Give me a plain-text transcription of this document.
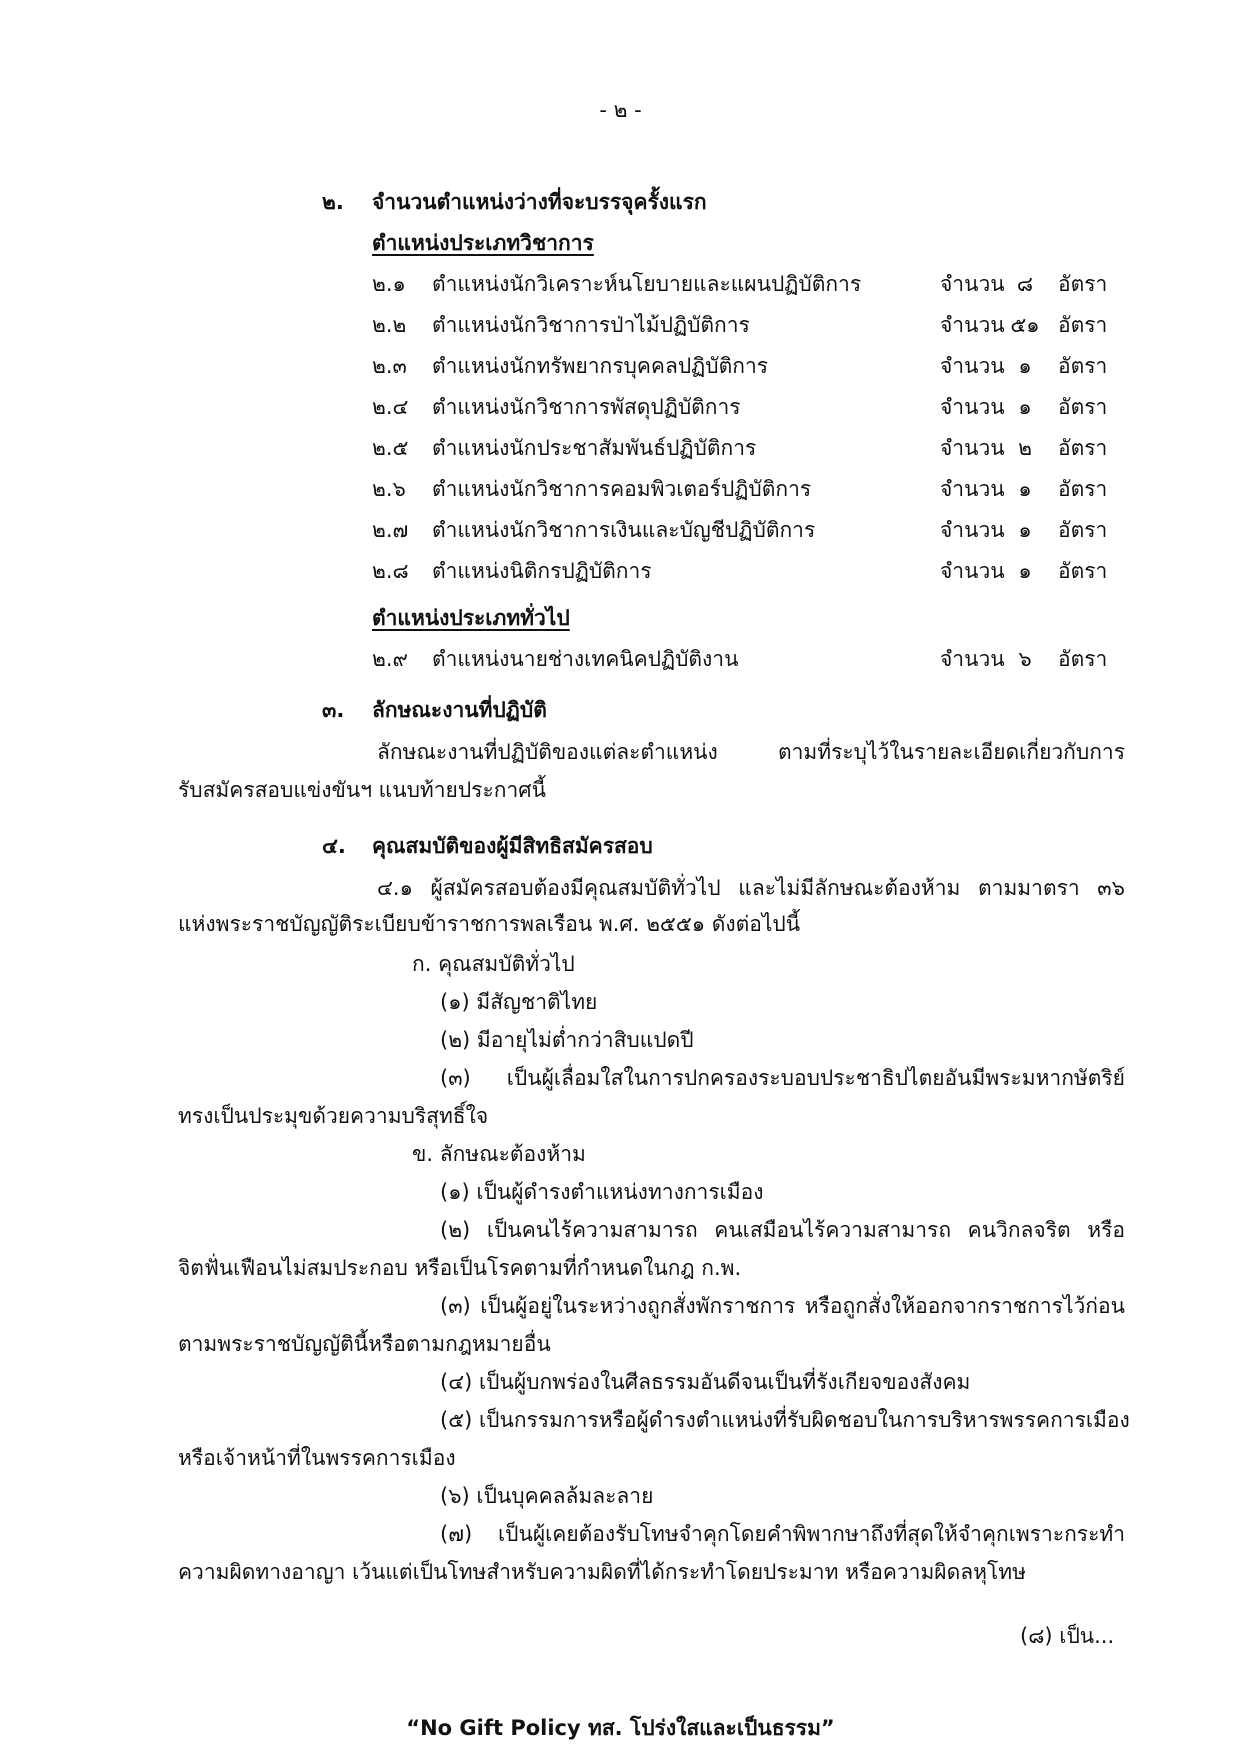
- ๒ -
๒. จำนวนตำแหน่งว่างที่จะบรรจุครั้งแรก
ตำแหน่งประเภทวิชาการ
๒.๑ ตำแหน่งนักวิเคราะห์นโยบายและแผนปฏิบัติการ	จำนวน ๘	อัตรา
๒.๒ ตำแหน่งนักวิชาการป่าไม้ปฏิบัติการ	จำนวน ๕๑ อัตรา
๒.๓ ตำแหน่งนักทรัพยากรบุคคลปฏิบัติการ	จำนวน ๑	อัตรา
๒.๔ ตำแหน่งนักวิชาการพัสดุปฏิบัติการ	จำนวน ๑	อัตรา
๒.๕ ตำแหน่งนักประชาสัมพันธ์ปฏิบัติการ	จำนวน ๒	อัตรา
๒.๖ ตำแหน่งนักวิชาการคอมพิวเตอร์ปฏิบัติการ	จำนวน ๑	อัตรา
๒.๗ ตำแหน่งนักวิชาการเงินและบัญชีปฏิบัติการ	จำนวน ๑	อัตรา
๒.๘ ตำแหน่งนิติกรปฏิบัติการ	จำนวน ๑	อัตรา
๒.๙ ตำแหน่งนายช่างเทคนิคปฏิบัติงาน	จำนวน ๖	อัตรา
ตำแหน่งประเภททั่วไป
๓. ลักษณะงานที่ปฏิบัติ
ลักษณะงานที่ปฏิบัติของแต่ละตำแหน่ง ตามที่ระบุไว้ในรายละเอียดเกี่ยวกับการ
รับสมัครสอบแข่งขันฯ แนบท้ายประกาศนี้
๔. คุณสมบัติของผู้มีสิทธิสมัครสอบ
๔.๑ ผู้สมัครสอบต้องมีคุณสมบัติทั่วไป และไม่มีลักษณะต้องห้าม ตามมาตรา ๓๖
แห่งพระราชบัญญัติระเบียบข้าราชการพลเรือน พ.ศ. ๒๕๕๑ ดังต่อไปนี้
ก. คุณสมบัติทั่วไป
(๑) มีสัญชาติไทย
(๒) มีอายุไม่ต่ำกว่าสิบแปดปี
(๓) เป็นผู้เลื่อมใสในการปกครองระบอบประชาธิปไตยอันมีพระมหากษัตริย์
ทรงเป็นประมุขด้วยความบริสุทธิ์ใจ
ข. ลักษณะต้องห้าม
(๑) เป็นผู้ดำรงตำแหน่งทางการเมือง
(๒) เป็นคนไร้ความสามารถ คนเสมือนไร้ความสามารถ คนวิกลจริต หรือ
จิตฟั่นเฟือนไม่สมประกอบ หรือเป็นโรคตามที่กำหนดในกฎ ก.พ.
(๓) เป็นผู้อยู่ในระหว่างถูกสั่งพักราชการ หรือถูกสั่งให้ออกจากราชการไว้ก่อน
ตามพระราชบัญญัตินี้หรือตามกฎหมายอื่น
(๔) เป็นผู้บกพร่องในศีลธรรมอันดีจนเป็นที่รังเกียจของสังคม
(๕) เป็นกรรมการหรือผู้ดำรงตำแหน่งที่รับผิดชอบในการบริหารพรรคการเมือง
หรือเจ้าหน้าที่ในพรรคการเมือง
(๖) เป็นบุคคลล้มละลาย
(๗) เป็นผู้เคยต้องรับโทษจำคุกโดยคำพิพากษาถึงที่สุดให้จำคุกเพราะกระทำ
ความผิดทางอาญา เว้นแต่เป็นโทษสำหรับความผิดที่ได้กระทำโดยประมาท หรือความผิดลหุโทษ
(๘) เป็น...
“No Gift Policy ทส. โปร่งใสและเป็นธรรม”
